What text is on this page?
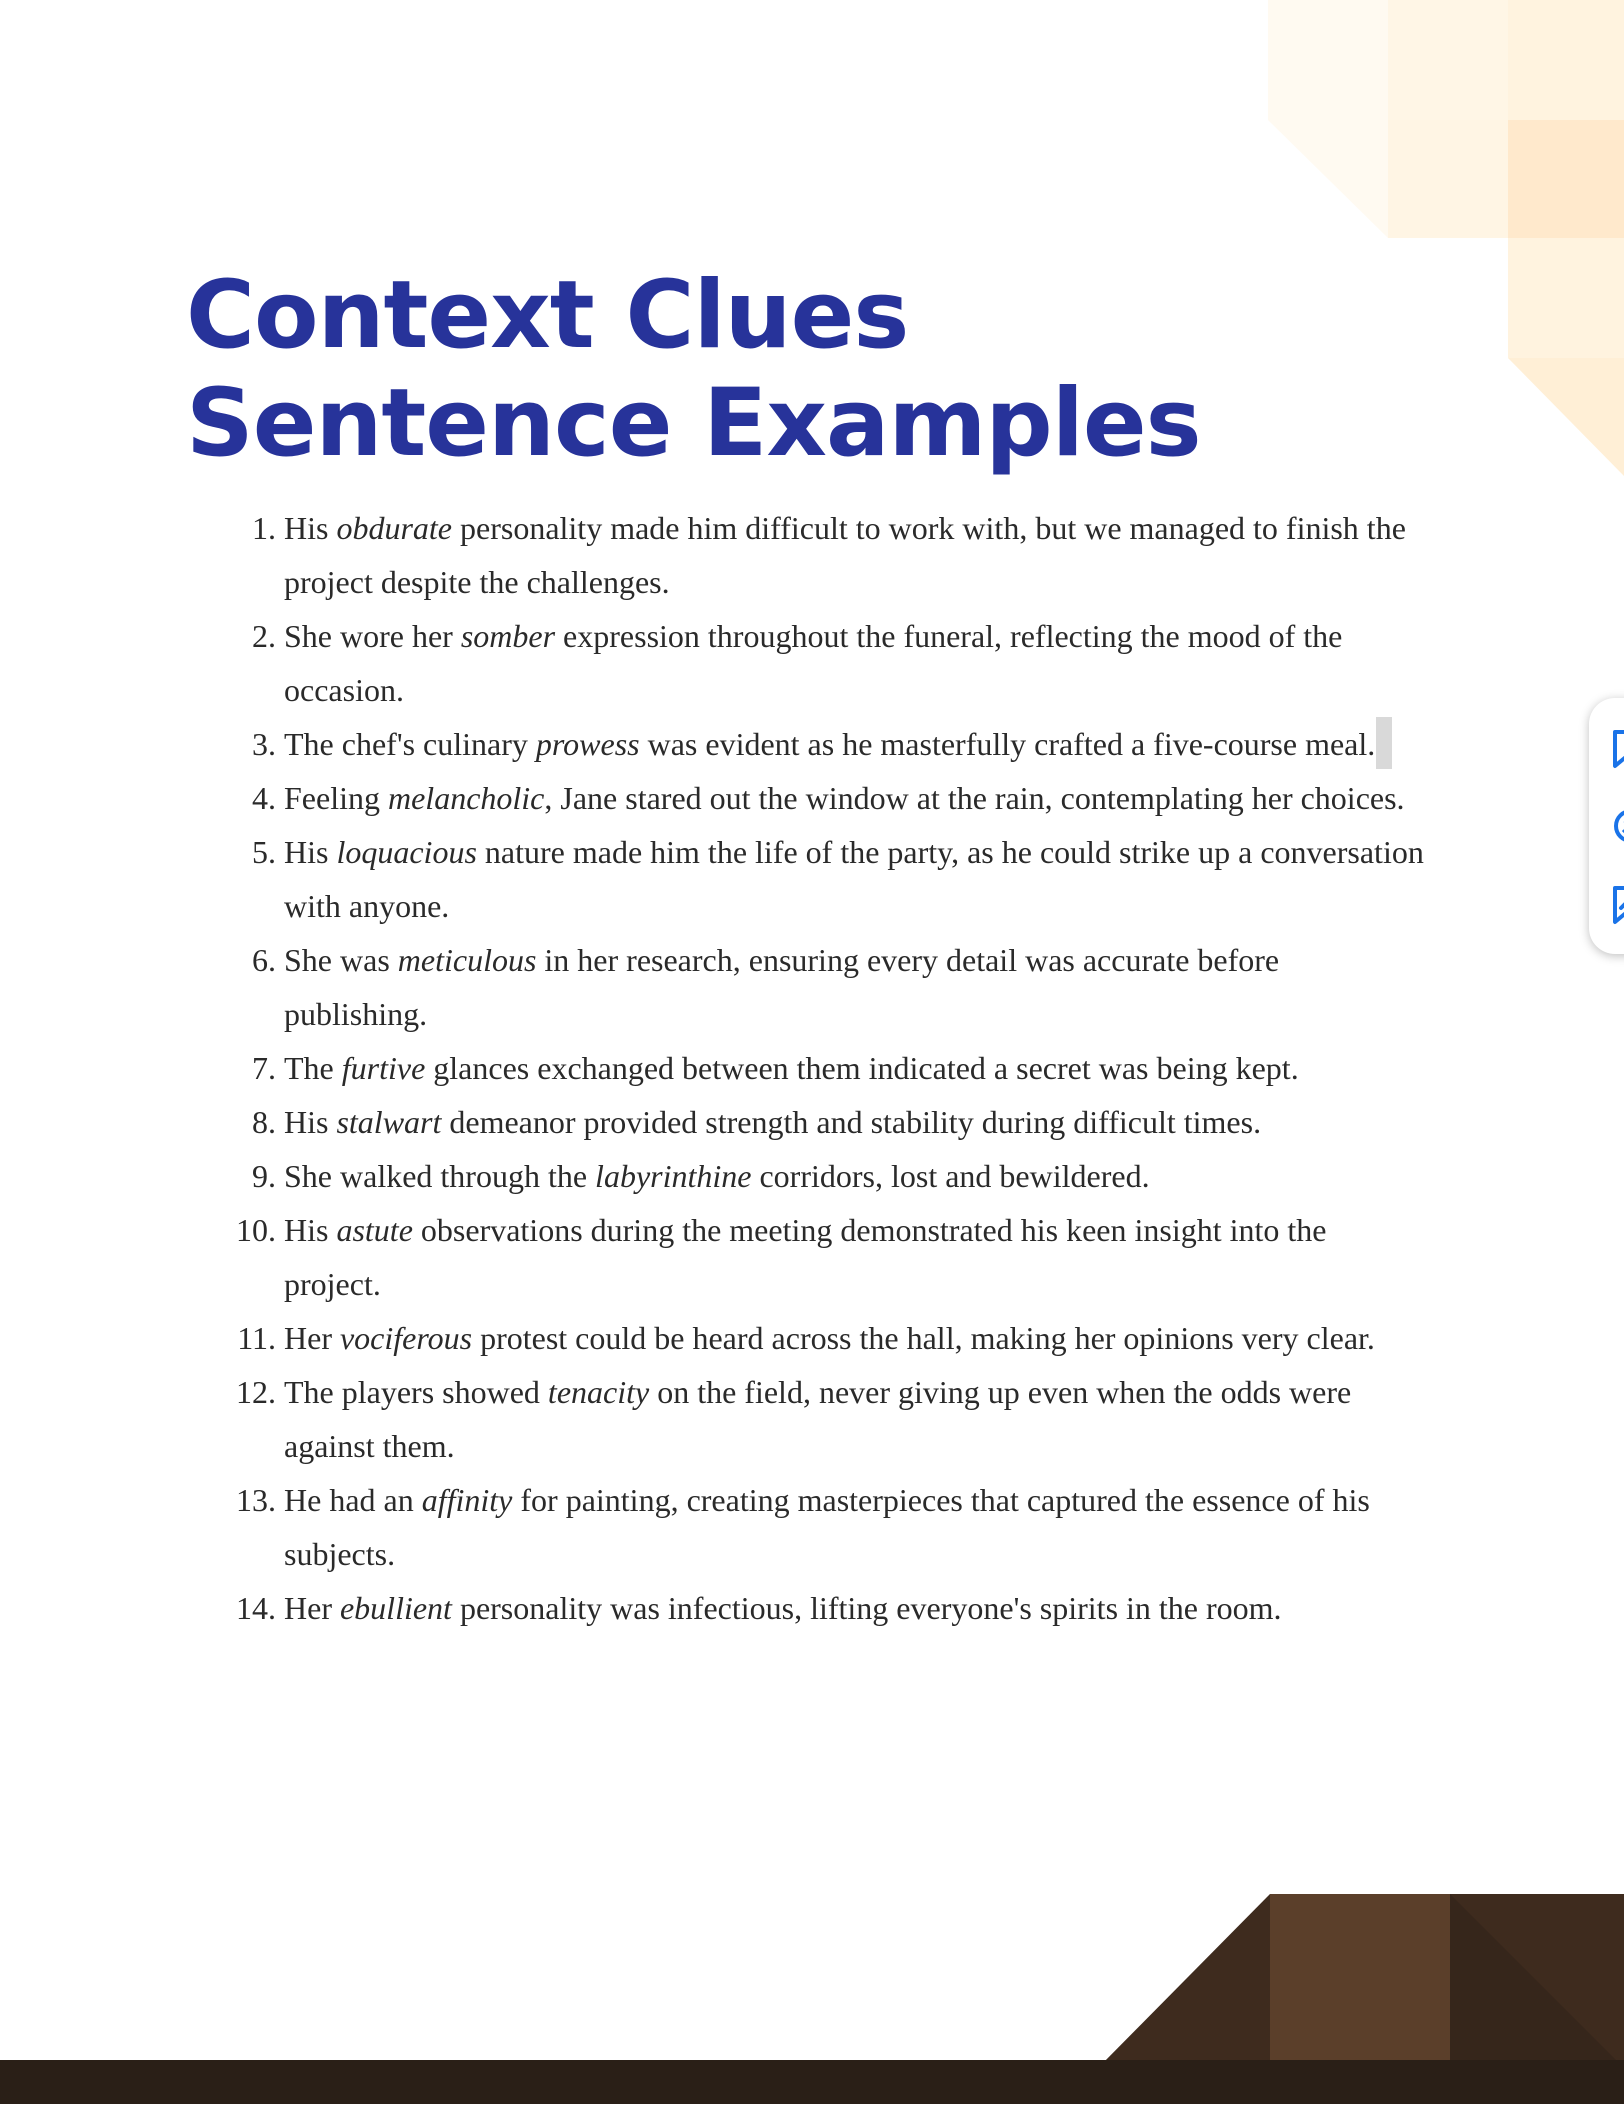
Context Clues
Sentence Examples
1. His obdurate personality made him difficult to work with, but we managed to finish the project despite the challenges.
2. She wore her somber expression throughout the funeral, reflecting the mood of the occasion.
3. The chef's culinary prowess was evident as he masterfully crafted a five-course meal.
4. Feeling melancholic, Jane stared out the window at the rain, contemplating her choices.
5. His loquacious nature made him the life of the party, as he could strike up a conversation with anyone.
6. She was meticulous in her research, ensuring every detail was accurate before publishing.
7. The furtive glances exchanged between them indicated a secret was being kept.
8. His stalwart demeanor provided strength and stability during difficult times.
9. She walked through the labyrinthine corridors, lost and bewildered.
10. His astute observations during the meeting demonstrated his keen insight into the project.
11. Her vociferous protest could be heard across the hall, making her opinions very clear.
12. The players showed tenacity on the field, never giving up even when the odds were against them.
13. He had an affinity for painting, creating masterpieces that captured the essence of his subjects.
14. Her ebullient personality was infectious, lifting everyone's spirits in the room.
